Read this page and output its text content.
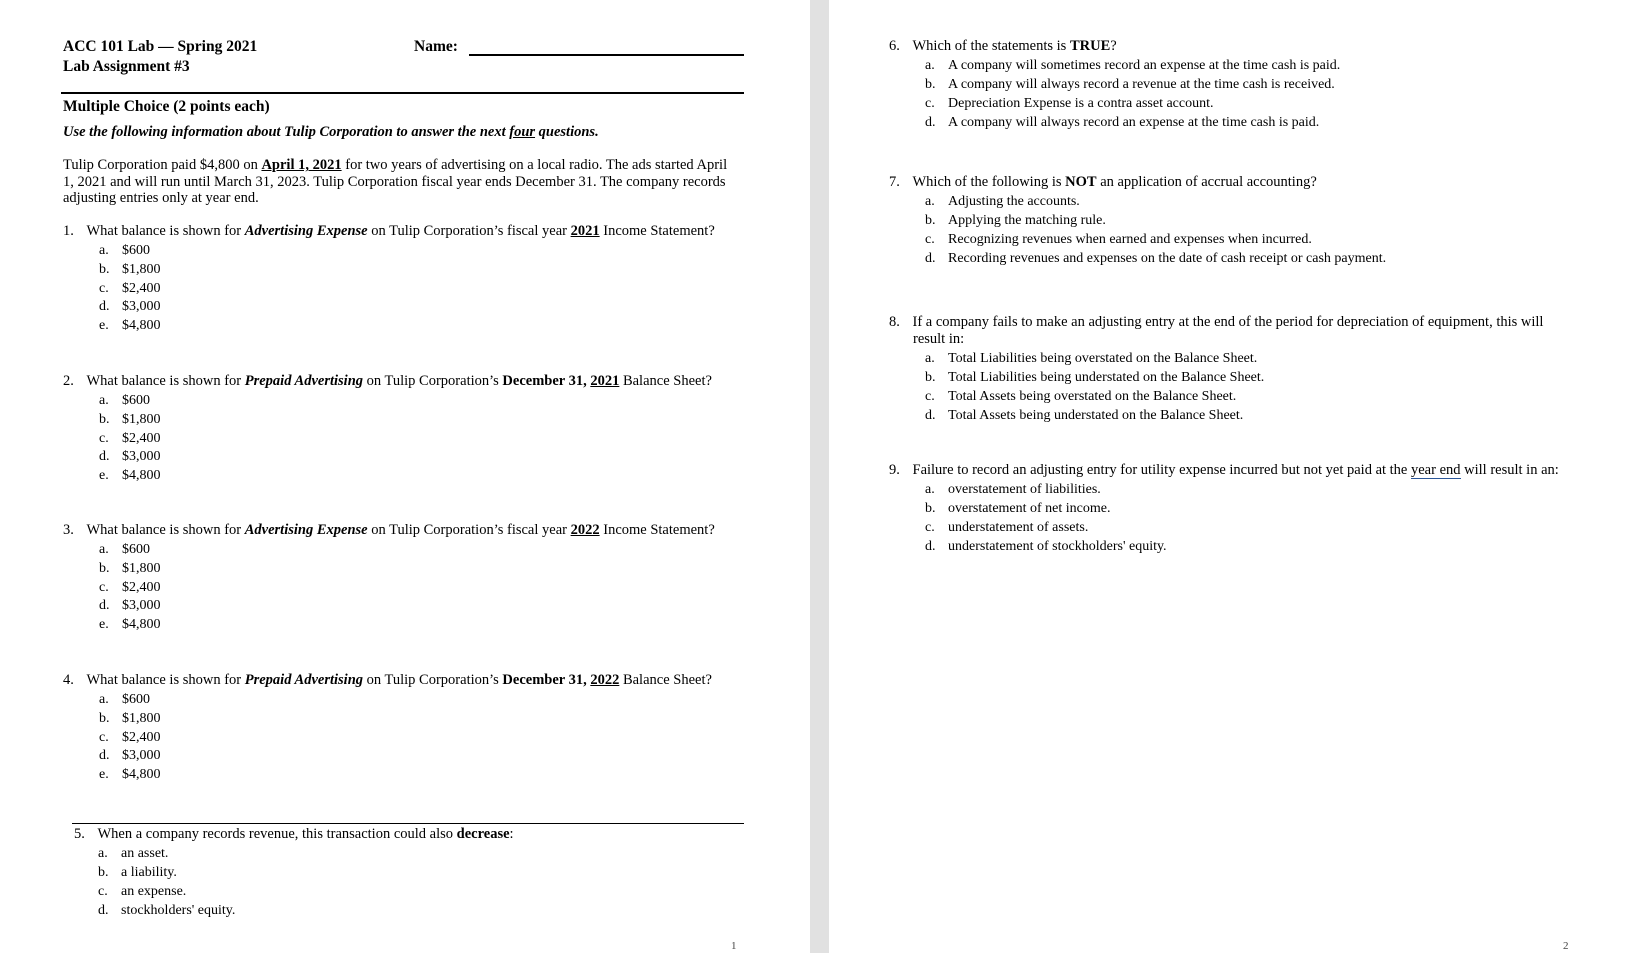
ACC 101 Lab — Spring 2021
Lab Assignment #3
Name:
Multiple Choice (2 points each)
Use the following information about Tulip Corporation to answer the next four questions.
Tulip Corporation paid $4,800 on April 1, 2021 for two years of advertising on a local radio. The ads started April
1, 2021 and will run until March 31, 2023. Tulip Corporation fiscal year ends December 31. The company records
adjusting entries only at year end.
1. What balance is shown for Advertising Expense on Tulip Corporation’s fiscal year 2021 Income Statement?
a. $600
b. $1,800
c. $2,400
d. $3,000
e. $4,800
2. What balance is shown for Prepaid Advertising on Tulip Corporation’s December 31, 2021 Balance Sheet?
a. $600
b. $1,800
c. $2,400
d. $3,000
e. $4,800
3. What balance is shown for Advertising Expense on Tulip Corporation’s fiscal year 2022 Income Statement?
a. $600
b. $1,800
c. $2,400
d. $3,000
e. $4,800
4. What balance is shown for Prepaid Advertising on Tulip Corporation’s December 31, 2022 Balance Sheet?
a. $600
b. $1,800
c. $2,400
d. $3,000
e. $4,800
5. When a company records revenue, this transaction could also decrease:
a. an asset.
b. a liability.
c. an expense.
d. stockholders' equity.
1
6. Which of the statements is TRUE?
a. A company will sometimes record an expense at the time cash is paid.
b. A company will always record a revenue at the time cash is received.
c. Depreciation Expense is a contra asset account.
d. A company will always record an expense at the time cash is paid.
7. Which of the following is NOT an application of accrual accounting?
a. Adjusting the accounts.
b. Applying the matching rule.
c. Recognizing revenues when earned and expenses when incurred.
d. Recording revenues and expenses on the date of cash receipt or cash payment.
8. If a company fails to make an adjusting entry at the end of the period for depreciation of equipment, this will
result in:
a. Total Liabilities being overstated on the Balance Sheet.
b. Total Liabilities being understated on the Balance Sheet.
c. Total Assets being overstated on the Balance Sheet.
d. Total Assets being understated on the Balance Sheet.
9. Failure to record an adjusting entry for utility expense incurred but not yet paid at the year end will result in an:
a. overstatement of liabilities.
b. overstatement of net income.
c. understatement of assets.
d. understatement of stockholders' equity.
2
